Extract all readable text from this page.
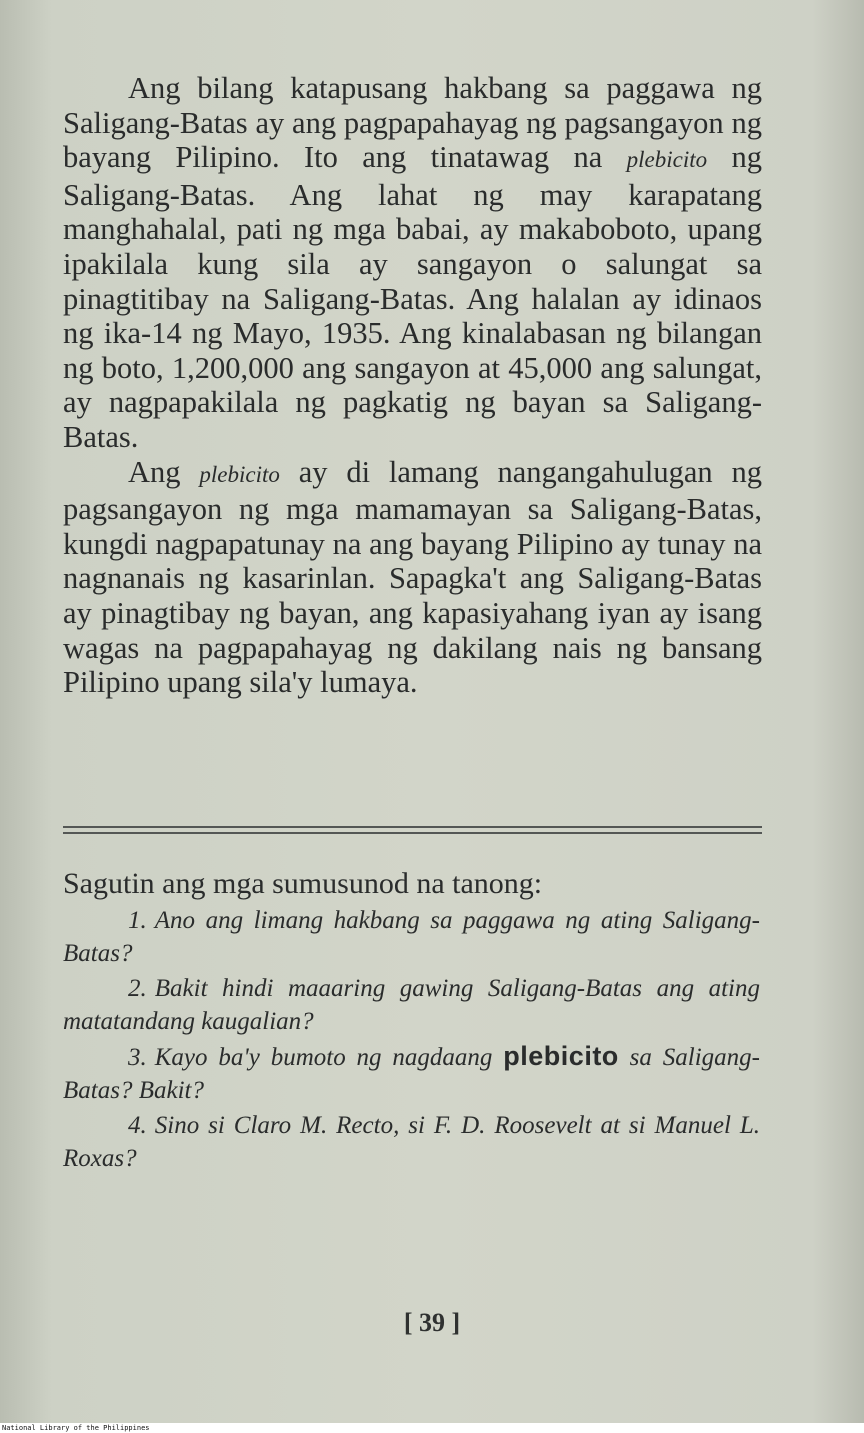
Ang bilang katapusang hakbang sa paggawa ng Saligang-Batas ay ang pagpapahayag ng pagsangayon ng bayang Pilipino. Ito ang tinatawag na plebicito ng Saligang-Batas. Ang lahat ng may karapatang manghahalal, pati ng mga babai, ay makaboboto, upang ipakilala kung sila ay sangayon o salungat sa pinagtitibay na Saligang-Batas. Ang halalan ay idinaos ng ika-14 ng Mayo, 1935. Ang kinalabasan ng bilangan ng boto, 1,200,000 ang sangayon at 45,000 ang salungat, ay nagpapakilala ng pagkatig ng bayan sa Saligang-Batas.

Ang plebicito ay di lamang nangangahulugan ng pagsangayon ng mga mamamayan sa Saligang-Batas, kungdi nagpapatunay na ang bayang Pilipino ay tunay na nagnanais ng kasarinlan. Sapagka't ang Saligang-Batas ay pinagtibay ng bayan, ang kapasiyahang iyan ay isang wagas na pagpapahayag ng dakilang nais ng bansang Pilipino upang sila'y lumaya.

Sagutin ang mga sumusunod na tanong:
1. Ano ang limang hakbang sa paggawa ng ating Saligang-Batas?
2. Bakit hindi maaaring gawing Saligang-Batas ang ating matatandang kaugalian?
3. Kayo ba'y bumoto ng nagdaang plebicito sa Saligang-Batas? Bakit?
4. Sino si Claro M. Recto, si F. D. Roosevelt at si Manuel L. Roxas?
[ 39 ]
National Library of the Philippines
